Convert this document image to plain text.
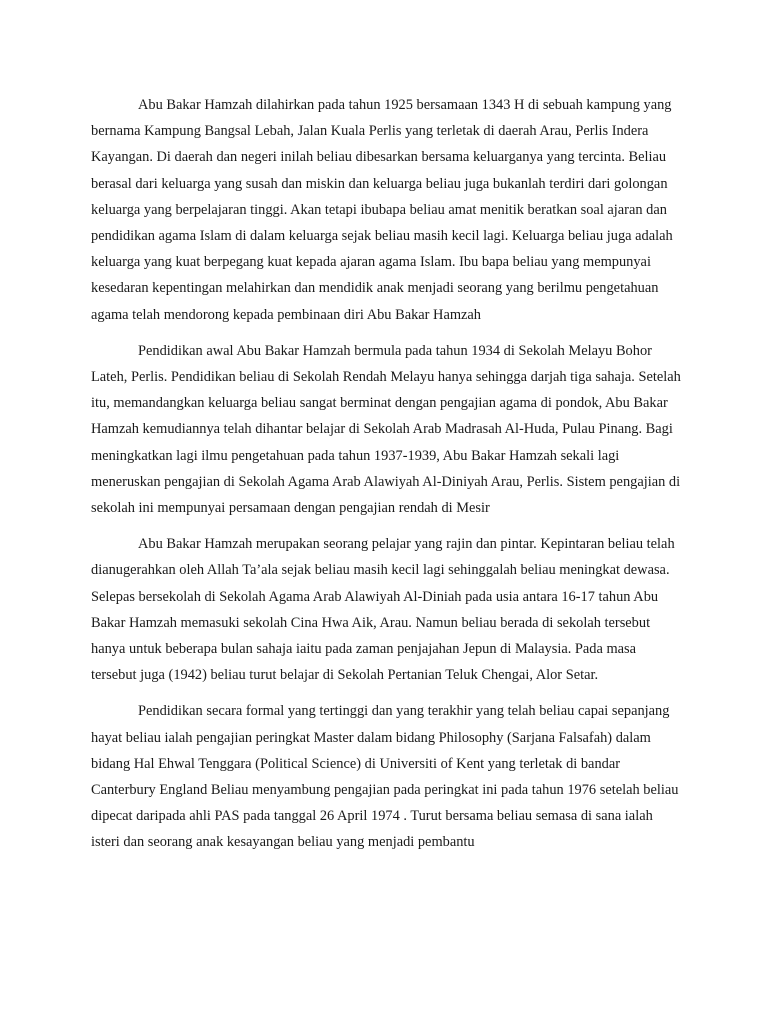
Abu Bakar Hamzah dilahirkan pada tahun 1925 bersamaan 1343 H di sebuah kampung yang bernama Kampung Bangsal Lebah, Jalan Kuala Perlis yang terletak di daerah Arau, Perlis Indera Kayangan. Di daerah dan negeri inilah beliau dibesarkan bersama keluarganya yang tercinta. Beliau berasal dari keluarga yang susah dan miskin dan keluarga beliau juga bukanlah terdiri dari golongan keluarga yang berpelajaran tinggi. Akan tetapi ibubapa beliau amat menitik beratkan soal ajaran dan pendidikan agama Islam di dalam keluarga sejak beliau masih kecil lagi. Keluarga beliau juga adalah keluarga yang kuat berpegang kuat kepada ajaran agama Islam. Ibu bapa beliau yang mempunyai kesedaran kepentingan melahirkan dan mendidik anak menjadi seorang yang berilmu pengetahuan agama telah mendorong kepada pembinaan diri Abu Bakar Hamzah

Pendidikan awal Abu Bakar Hamzah bermula pada tahun 1934 di Sekolah Melayu Bohor Lateh, Perlis. Pendidikan beliau di Sekolah Rendah Melayu hanya sehingga darjah tiga sahaja. Setelah itu, memandangkan keluarga beliau sangat berminat dengan pengajian agama di pondok, Abu Bakar Hamzah kemudiannya telah dihantar belajar di Sekolah Arab Madrasah Al-Huda, Pulau Pinang. Bagi meningkatkan lagi ilmu pengetahuan pada tahun 1937-1939, Abu Bakar Hamzah sekali lagi meneruskan pengajian di Sekolah Agama Arab Alawiyah Al-Diniyah Arau, Perlis. Sistem pengajian di sekolah ini mempunyai persamaan dengan pengajian rendah di Mesir

Abu Bakar Hamzah merupakan seorang pelajar yang rajin dan pintar. Kepintaran beliau telah dianugerahkan oleh Allah Ta’ala sejak beliau masih kecil lagi sehinggalah beliau meningkat dewasa. Selepas bersekolah di Sekolah Agama Arab Alawiyah Al-Diniah pada usia antara 16-17 tahun Abu Bakar Hamzah memasuki sekolah Cina Hwa Aik, Arau. Namun beliau berada di sekolah tersebut hanya untuk beberapa bulan sahaja iaitu pada zaman penjajahan Jepun di Malaysia. Pada masa tersebut juga (1942) beliau turut belajar di Sekolah Pertanian Teluk Chengai, Alor Setar.

Pendidikan secara formal yang tertinggi dan yang terakhir yang telah beliau capai sepanjang hayat beliau ialah pengajian peringkat Master dalam bidang Philosophy (Sarjana Falsafah) dalam bidang Hal Ehwal Tenggara (Political Science) di Universiti of Kent yang terletak di bandar Canterbury England Beliau menyambung pengajian pada peringkat ini pada tahun 1976 setelah beliau dipecat daripada ahli PAS pada tanggal 26 April 1974 . Turut bersama beliau semasa di sana ialah isteri dan seorang anak kesayangan beliau yang menjadi pembantu
